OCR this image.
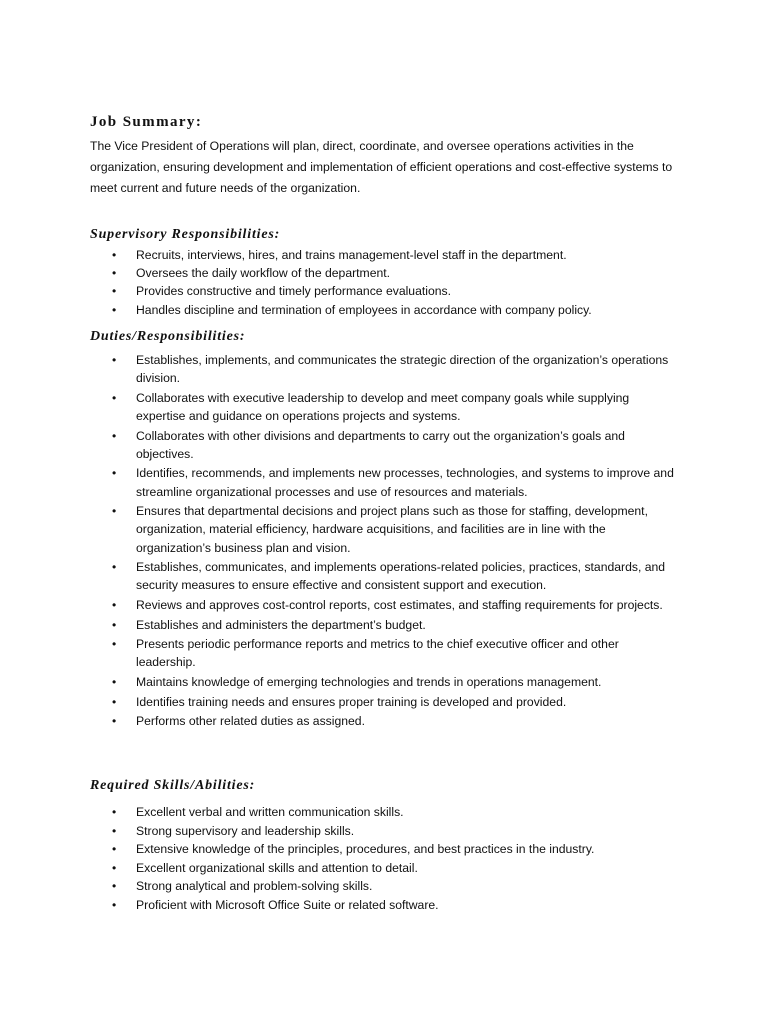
Job Summary:

The Vice President of Operations will plan, direct, coordinate, and oversee operations activities in the organization, ensuring development and implementation of efficient operations and cost-effective systems to meet current and future needs of the organization.

Supervisory Responsibilities:
• Recruits, interviews, hires, and trains management-level staff in the department.
• Oversees the daily workflow of the department.
• Provides constructive and timely performance evaluations.
• Handles discipline and termination of employees in accordance with company policy.
Duties/Responsibilities:
• Establishes, implements, and communicates the strategic direction of the organization’s operations division.
• Collaborates with executive leadership to develop and meet company goals while supplying expertise and guidance on operations projects and systems.
• Collaborates with other divisions and departments to carry out the organization’s goals and objectives.
• Identifies, recommends, and implements new processes, technologies, and systems to improve and streamline organizational processes and use of resources and materials.
• Ensures that departmental decisions and project plans such as those for staffing, development, organization, material efficiency, hardware acquisitions, and facilities are in line with the organization’s business plan and vision.
• Establishes, communicates, and implements operations-related policies, practices, standards, and security measures to ensure effective and consistent support and execution.
• Reviews and approves cost-control reports, cost estimates, and staffing requirements for projects.
• Establishes and administers the department’s budget.
• Presents periodic performance reports and metrics to the chief executive officer and other leadership.
• Maintains knowledge of emerging technologies and trends in operations management.
• Identifies training needs and ensures proper training is developed and provided.
• Performs other related duties as assigned.
Required Skills/Abilities:
• Excellent verbal and written communication skills.
• Strong supervisory and leadership skills.
• Extensive knowledge of the principles, procedures, and best practices in the industry.
• Excellent organizational skills and attention to detail.
• Strong analytical and problem-solving skills.
• Proficient with Microsoft Office Suite or related software.
